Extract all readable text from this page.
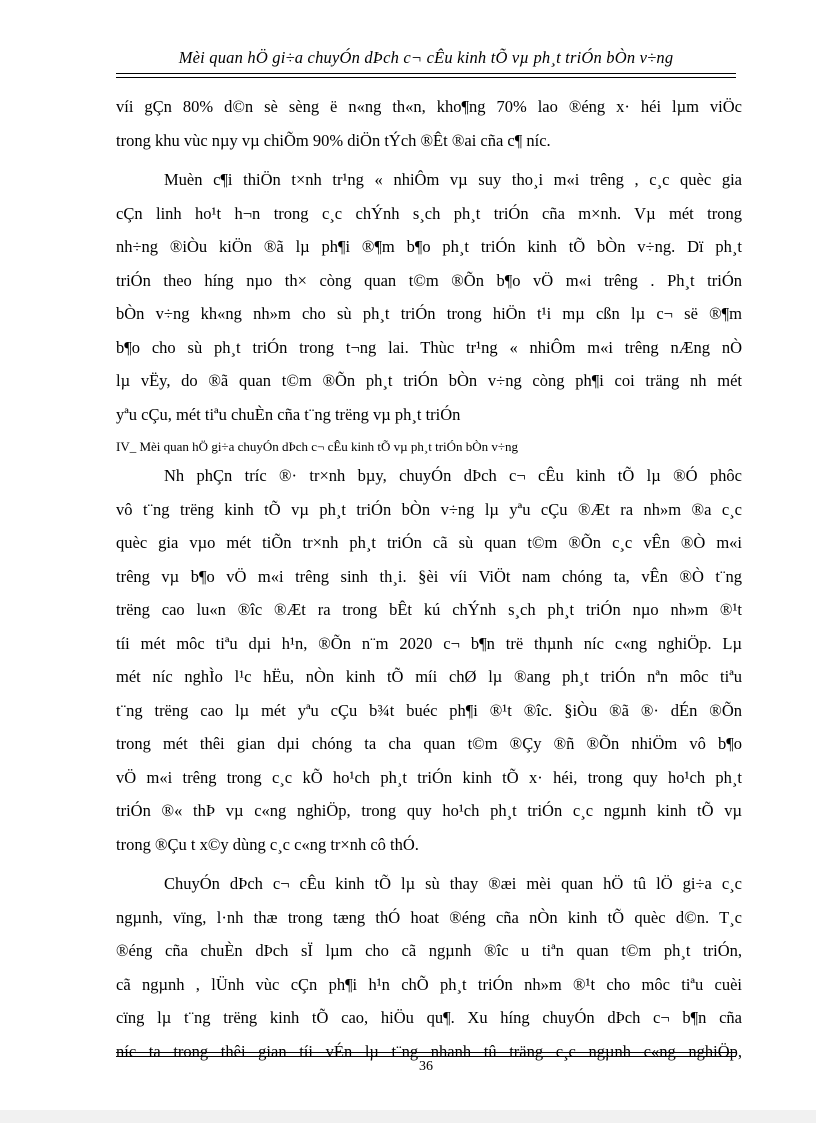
Mèi quan hÖ gi÷a chuyÓn dÞch c¬ cÊu kinh tÕ vµ ph¸t triÓn bÒn v÷ng
víi gÇn 80% d©n sè sèng ë n«ng th«n, kho¶ng 70% lao ®éng x· héi lµm viÖc
trong khu vùc nµy vµ chiÕm 90% diÖn tÝch ®Êt ®ai cña c¶ níc.
Muèn c¶i thiÖn t×nh tr¹ng « nhiÔm vµ suy tho¸i m«i trêng , c¸c quèc gia
cÇn linh ho¹t h¬n trong c¸c chÝnh s¸ch ph¸t triÓn cña m×nh. Vµ mét trong
nh÷ng ®iÒu kiÖn ®ã lµ ph¶i ®¶m b¶o ph¸t triÓn kinh tÕ bÒn v÷ng. Dï ph¸t
triÓn theo híng nµo th× còng quan t©m ®Õn b¶o vÖ m«i trêng . Ph¸t triÓn
bÒn v÷ng kh«ng nh»m cho sù ph¸t triÓn trong hiÖn t¹i mµ cßn lµ c¬ së ®¶m
b¶o cho sù ph¸t triÓn trong t¬ng lai. Thùc tr¹ng « nhiÔm m«i trêng nÆng nÒ
lµ vËy, do ®ã quan t©m ®Õn ph¸t triÓn bÒn v÷ng còng ph¶i coi träng nh mét
yªu cÇu, mét tiªu chuÈn cña t¨ng trëng vµ ph¸t triÓn
IV_ Mèi quan hÖ gi÷a chuyÓn dÞch c¬ cÊu kinh tÕ vµ ph¸t triÓn bÒn v÷ng
Nh phÇn tríc ®· tr×nh bµy, chuyÓn dÞch c¬ cÊu kinh tÕ lµ ®Ó phôc
vô t¨ng trëng kinh tÕ vµ ph¸t triÓn bÒn v÷ng lµ yªu cÇu ®Æt ra nh»m ®a c¸c
quèc gia vµo mét tiÕn tr×nh ph¸t triÓn cã sù quan t©m ®Õn c¸c vÊn ®Ò m«i
trêng vµ b¶o vÖ m«i trêng sinh th¸i. §èi víi ViÖt nam chóng ta, vÊn ®Ò t¨ng
trëng cao lu«n ®îc ®Æt ra trong bÊt kú chÝnh s¸ch ph¸t triÓn nµo nh»m ®¹t
tíi mét môc tiªu dµi h¹n, ®Õn n¨m 2020 c¬ b¶n trë thµnh níc c«ng nghiÖp. Lµ
mét níc nghÌo l¹c hËu, nÒn kinh tÕ míi chØ lµ ®ang ph¸t triÓn nªn môc tiªu
t¨ng trëng cao lµ mét yªu cÇu b¾t buéc ph¶i ®¹t ®îc. §iÒu ®ã ®· dÉn ®Õn
trong mét thêi gian dµi chóng ta cha quan t©m ®Çy ®ñ ®Õn nhiÖm vô b¶o
vÖ m«i trêng trong c¸c kÕ ho¹ch ph¸t triÓn kinh tÕ x· héi, trong quy ho¹ch ph¸t
triÓn ®« thÞ vµ c«ng nghiÖp, trong quy ho¹ch ph¸t triÓn c¸c ngµnh kinh tÕ vµ
trong ®Çu t x©y dùng c¸c c«ng tr×nh cô thÓ.
ChuyÓn dÞch c¬ cÊu kinh tÕ lµ sù thay ®æi mèi quan hÖ tû lÖ gi÷a c¸c
ngµnh, vïng, l·nh thæ trong tæng thÓ hoat ®éng cña nÒn kinh tÕ quèc d©n. T¸c
®éng cña chuÈn dÞch sÏ lµm cho cã ngµnh ®îc u tiªn quan t©m ph¸t triÓn,
cã ngµnh , lÜnh vùc cÇn ph¶i h¹n chÕ ph¸t triÓn nh»m ®¹t cho môc tiªu cuèi
cïng lµ t¨ng trëng kinh tÕ cao, hiÖu qu¶. Xu híng chuyÓn dÞch c¬ b¶n cña
níc ta trong thêi gian tíi vÉn lµ t¨ng nhanh tû träng c¸c ngµnh c«ng nghiÖp,
36
